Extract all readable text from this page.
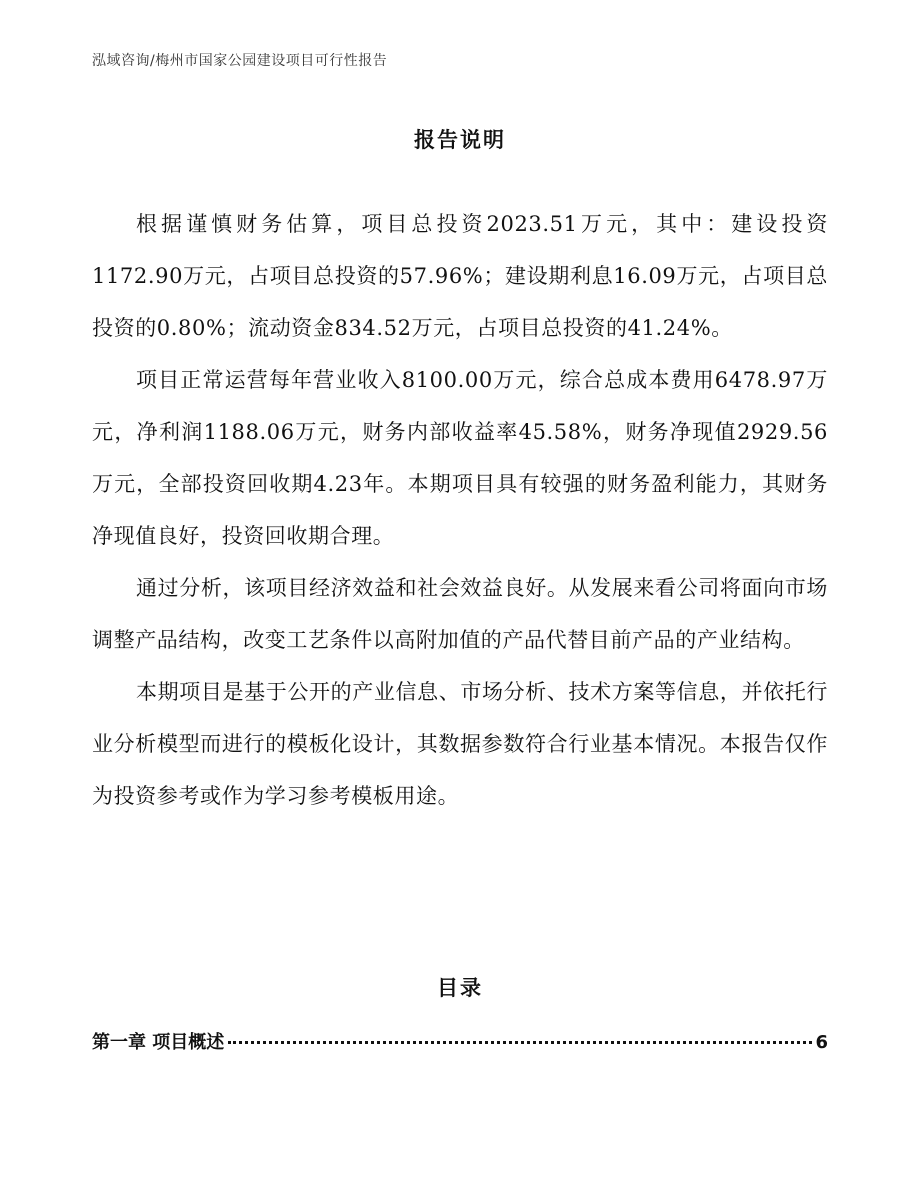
泓域咨询/梅州市国家公园建设项目可行性报告
报告说明

根据谨慎财务估算，项目总投资2023.51万元，其中：建设投资1172.90万元，占项目总投资的57.96%；建设期利息16.09万元，占项目总投资的0.80%；流动资金834.52万元，占项目总投资的41.24%。

项目正常运营每年营业收入8100.00万元，综合总成本费用6478.97万元，净利润1188.06万元，财务内部收益率45.58%，财务净现值2929.56万元，全部投资回收期4.23年。本期项目具有较强的财务盈利能力，其财务净现值良好，投资回收期合理。

通过分析，该项目经济效益和社会效益良好。从发展来看公司将面向市场调整产品结构，改变工艺条件以高附加值的产品代替目前产品的产业结构。

本期项目是基于公开的产业信息、市场分析、技术方案等信息，并依托行业分析模型而进行的模板化设计，其数据参数符合行业基本情况。本报告仅作为投资参考或作为学习参考模板用途。

目录
第一章 项目概述	6
